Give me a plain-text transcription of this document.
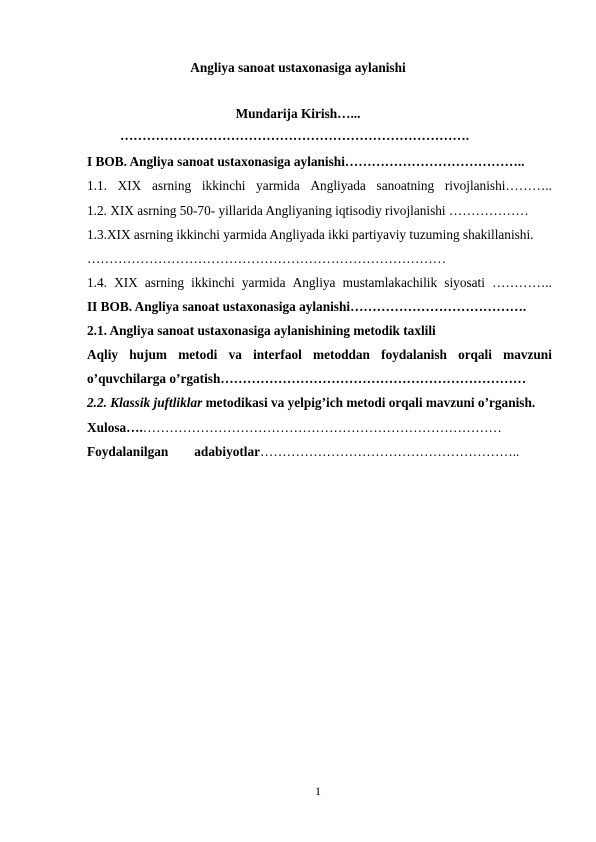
Angliya sanoat ustaxonasiga aylanishi
Mundarija Kirish…...
…………………………………………………………………….
I BOB. Angliya sanoat ustaxonasiga aylanishi…………………………………..
1.1. XIX asrning ikkinchi yarmida Angliyada sanoatning rivojlanishi………..
1.2. XIX asrning 50-70- yillarida Angliyaning iqtisodiy rivojlanishi ………………
1.3.XIX asrning ikkinchi yarmida Angliyada ikki partiyaviy tuzuming shakillanishi.
………………………………………………………………………
1.4. XIX asrning ikkinchi yarmida Angliya mustamlakachilik siyosati …………..
II BOB. Angliya sanoat ustaxonasiga aylanishi………………………………….
2.1. Angliya sanoat ustaxonasiga aylanishining metodik taxlili
Aqliy hujum metodi va interfaol metoddan foydalanish orqali mavzuni
o’quvchilarga o’rgatish……………………………………………………………
2.2. Klassik juftliklar metodikasi va yelpig’ich metodi orqali mavzuni o’rganish.
Xulosa….………………………………………………………………………
Foydalanilgan adabiyotlar…………………………………………………..
1
